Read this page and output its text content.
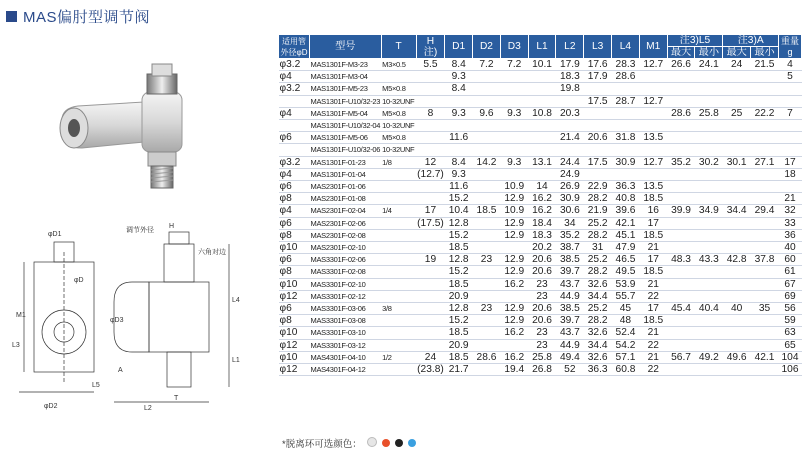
MAS偏肘型调节阀
φD1
调节外径
H
六角对边
M1
L3
L4
L1
T
L2
A
L5
φD2
φD3
φD
适用管外径φD	型号	T	H
注)	D1	D2	D3	L1	L2	L3	L4	M1	注3)L5		注3)A		重量g
												最大	最小	最大	最小	
φ3.2	MAS1301F-M3-23	M3×0.5	5.5	8.4	7.2	7.2	10.1	17.9	17.6	28.3	12.7	26.6	24.1	24	21.5	4
φ4	MAS1301F-M3-04			9.3				18.3	17.9	28.6						5
φ3.2	MAS1301F-M5-23	M5×0.8		8.4				19.8								
	MAS1301F-U10/32-23	10-32UNF							17.5	28.7	12.7					
φ4	MAS1301F-M5-04	M5×0.8	8	9.3	9.6	9.3	10.8	20.3				28.6	25.8	25	22.2	7
	MAS1301F-U10/32-04	10-32UNF														
φ6	MAS1301F-M5-06	M5×0.8		11.6				21.4	20.6	31.8	13.5					
	MAS1301F-U10/32-06	10-32UNF														
φ3.2	MAS1301F-01-23	1/8	12	8.4	14.2	9.3	13.1	24.4	17.5	30.9	12.7	35.2	30.2	30.1	27.1	17
φ4	MAS1301F-01-04		(12.7)	9.3				24.9								18
φ6	MAS2301F-01-06			11.6		10.9	14	26.9	22.9	36.3	13.5					
φ8	MAS2301F-01-08			15.2		12.9	16.2	30.9	28.2	40.8	18.5					21
φ4	MAS2301F-02-04	1/4	17	10.4	18.5	10.9	16.2	30.6	21.9	39.6	16	39.9	34.9	34.4	29.4	32
φ6	MAS2301F-02-06		(17.5)	12.8		12.9	18.4	34	25.2	42.1	17					33
φ8	MAS2301F-02-08			15.2		12.9	18.3	35.2	28.2	45.1	18.5					36
φ10	MAS2301F-02-10			18.5			20.2	38.7	31	47.9	21					40
φ6	MAS3301F-02-06		19	12.8	23	12.9	20.6	38.5	25.2	46.5	17	48.3	43.3	42.8	37.8	60
φ8	MAS3301F-02-08			15.2		12.9	20.6	39.7	28.2	49.5	18.5					61
φ10	MAS3301F-02-10			18.5		16.2	23	43.7	32.6	53.9	21					67
φ12	MAS3301F-02-12			20.9			23	44.9	34.4	55.7	22					69
φ6	MAS3301F-03-06	3/8		12.8	23	12.9	20.6	38.5	25.2	45	17	45.4	40.4	40	35	56
φ8	MAS3301F-03-08			15.2		12.9	20.6	39.7	28.2	48	18.5					59
φ10	MAS3301F-03-10			18.5		16.2	23	43.7	32.6	52.4	21					63
φ12	MAS3301F-03-12			20.9			23	44.9	34.4	54.2	22					65
φ10	MAS4301F-04-10	1/2	24	18.5	28.6	16.2	25.8	49.4	32.6	57.1	21	56.7	49.2	49.6	42.1	104
φ12	MAS4301F-04-12		(23.8)	21.7		19.4	26.8	52	36.3	60.8	22					106
*脱离环可选颜色：
